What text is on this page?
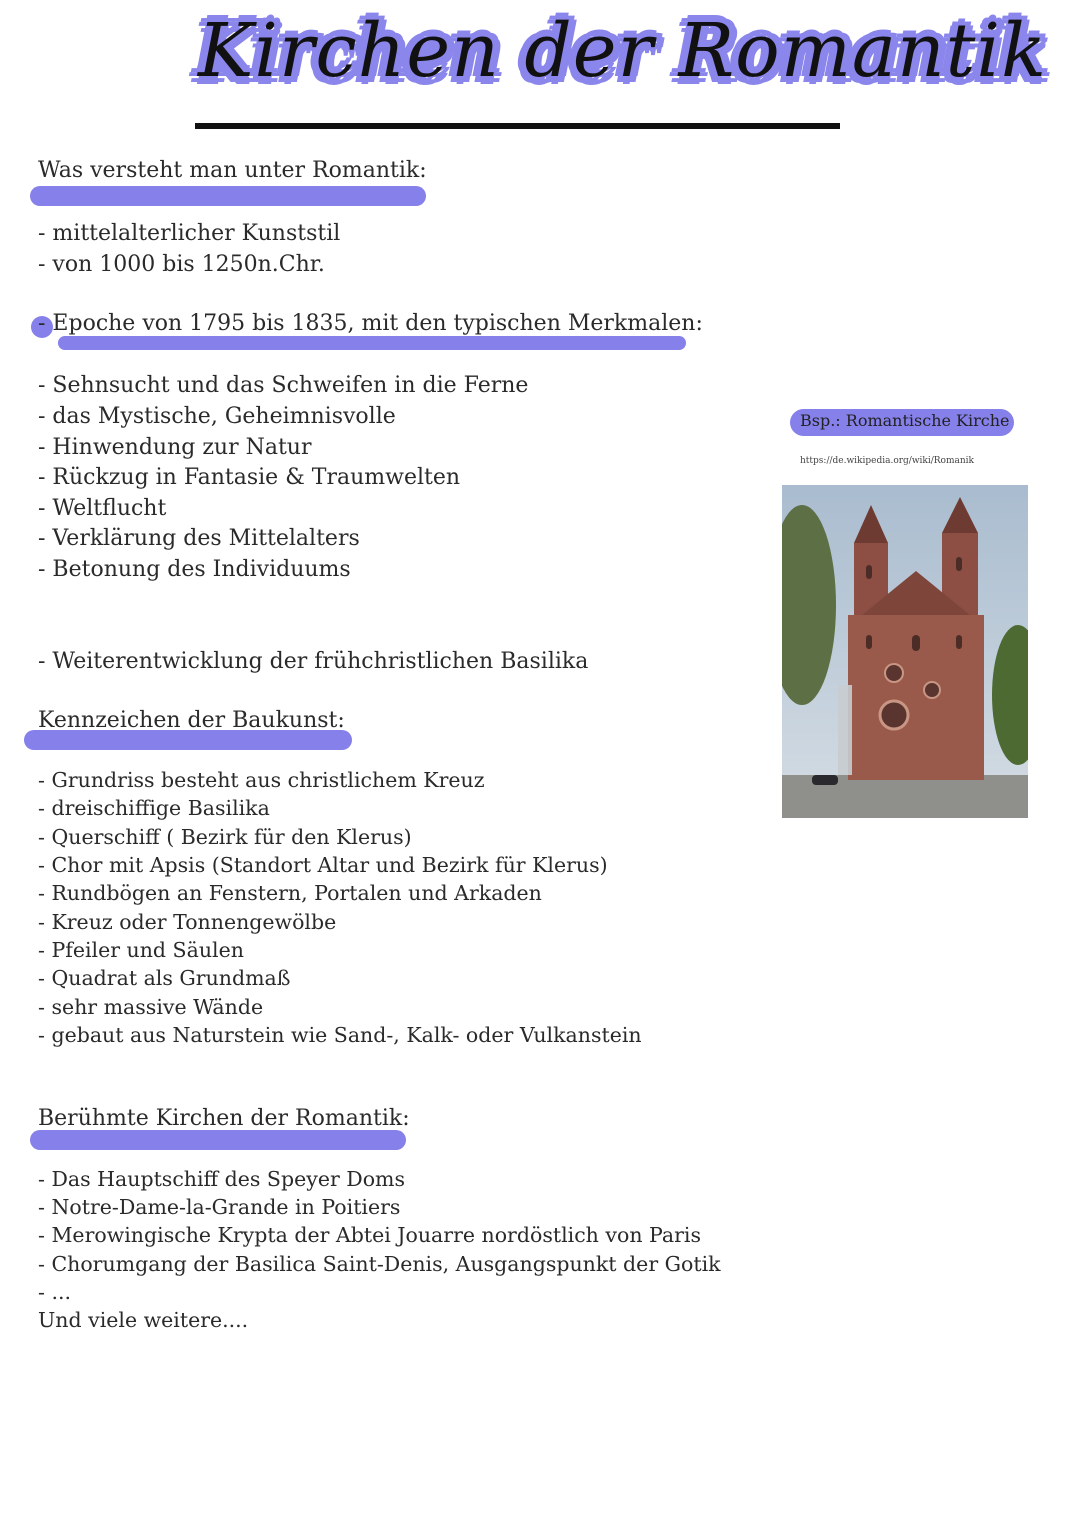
Kirchen der Romantik
Was versteht man unter Romantik:
- mittelalterlicher Kunststil
- von 1000 bis 1250n.Chr.
- Epoche von 1795 bis 1835, mit den typischen Merkmalen:
- Sehnsucht und das Schweifen in die Ferne
- das Mystische, Geheimnisvolle
- Hinwendung zur Natur
- Rückzug in Fantasie & Traumwelten
- Weltflucht
- Verklärung des Mittelalters
- Betonung des Individuums
- Weiterentwicklung der frühchristlichen Basilika
Kennzeichen der Baukunst:
- Grundriss besteht aus christlichem Kreuz
- dreischiffige Basilika
- Querschiff ( Bezirk für den Klerus)
- Chor mit Apsis (Standort Altar und Bezirk für Klerus)
- Rundbögen an Fenstern, Portalen und Arkaden
- Kreuz oder Tonnengewölbe
- Pfeiler und Säulen
- Quadrat als Grundmaß
- sehr massive Wände
- gebaut aus Naturstein wie Sand-, Kalk- oder Vulkanstein
Berühmte Kirchen der Romantik:
- Das Hauptschiff des Speyer Doms
- Notre-Dame-la-Grande in Poitiers
- Merowingische Krypta der Abtei Jouarre nordöstlich von Paris
- Chorumgang der Basilica Saint-Denis, Ausgangspunkt der Gotik
- ...
Und viele weitere....
Bsp.: Romantische Kirche
https://de.wikipedia.org/wiki/Romanik
